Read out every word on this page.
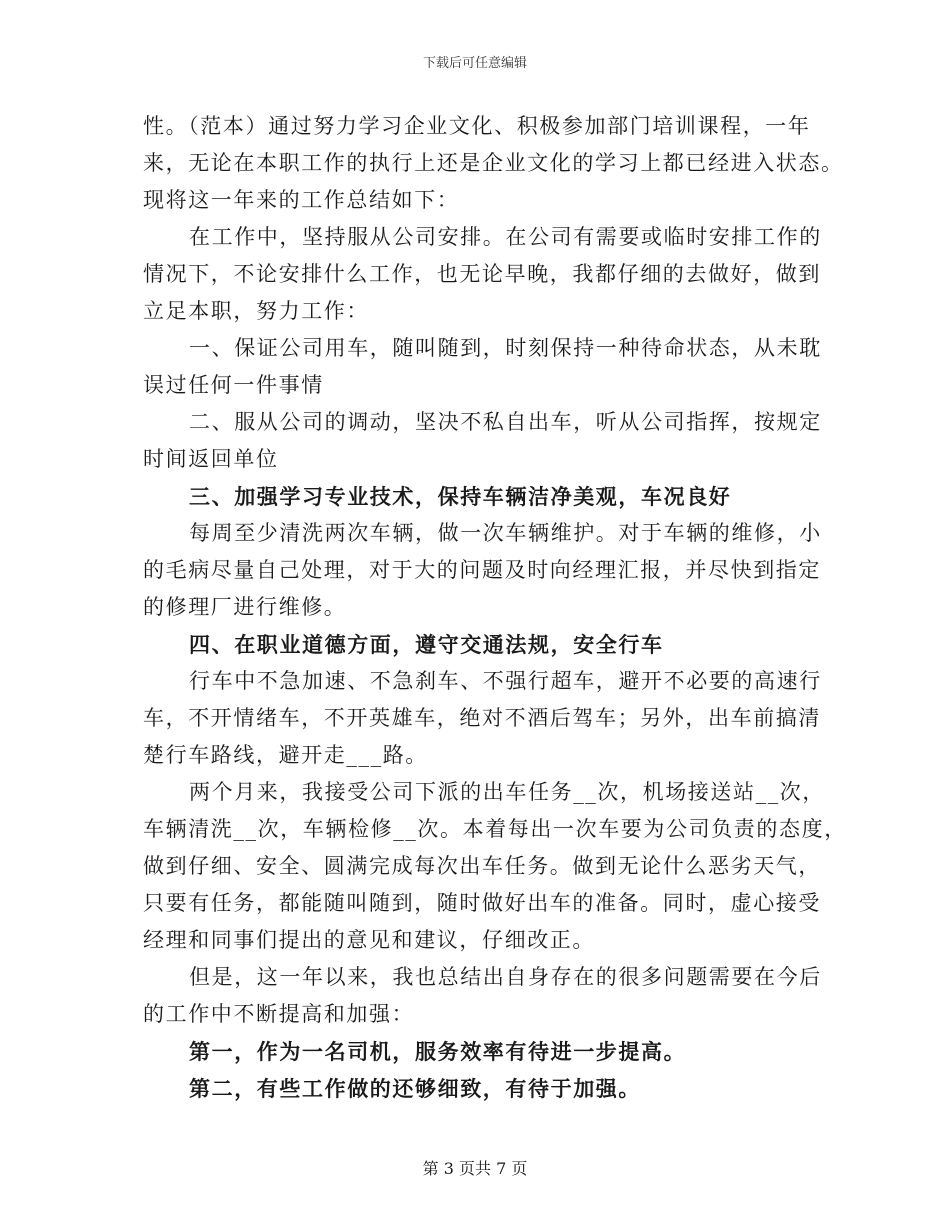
下载后可任意编辑

性。（范本）通过努力学习企业文化、积极参加部门培训课程，一年

来，无论在本职工作的执行上还是企业文化的学习上都已经进入状态。

现将这一年来的工作总结如下：

在工作中，坚持服从公司安排。在公司有需要或临时安排工作的

情况下，不论安排什么工作，也无论早晚，我都仔细的去做好，做到

立足本职，努力工作：

一、保证公司用车，随叫随到，时刻保持一种待命状态，从未耽

误过任何一件事情

二、服从公司的调动，坚决不私自出车，听从公司指挥，按规定

时间返回单位

三、加强学习专业技术，保持车辆洁净美观，车况良好

每周至少清洗两次车辆，做一次车辆维护。对于车辆的维修，小

的毛病尽量自己处理，对于大的问题及时向经理汇报，并尽快到指定

的修理厂进行维修。

四、在职业道德方面，遵守交通法规，安全行车

行车中不急加速、不急刹车、不强行超车，避开不必要的高速行

车，不开情绪车，不开英雄车，绝对不酒后驾车；另外，出车前搞清

楚行车路线，避开走___路。

两个月来，我接受公司下派的出车任务__次，机场接送站__次，

车辆清洗__次，车辆检修__次。本着每出一次车要为公司负责的态度，

做到仔细、安全、圆满完成每次出车任务。做到无论什么恶劣天气，

只要有任务，都能随叫随到，随时做好出车的准备。同时，虚心接受

经理和同事们提出的意见和建议，仔细改正。

但是，这一年以来，我也总结出自身存在的很多问题需要在今后

的工作中不断提高和加强：

第一，作为一名司机，服务效率有待进一步提高。

第二，有些工作做的还够细致，有待于加强。

第 3 页共 7 页
